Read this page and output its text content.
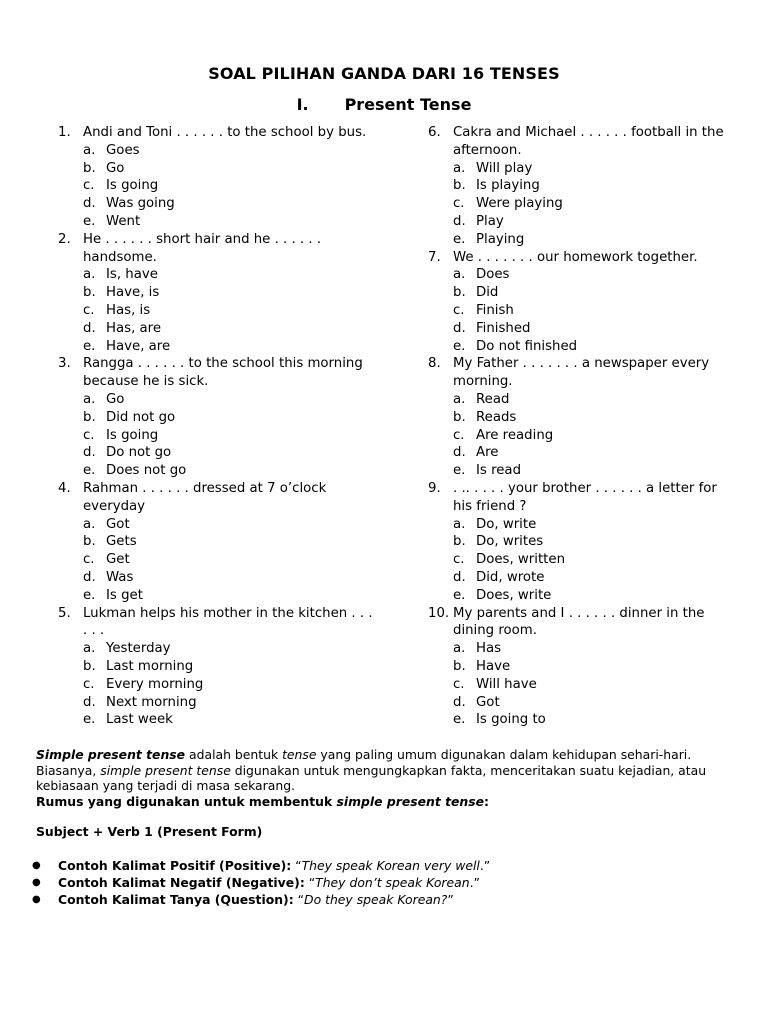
SOAL PILIHAN GANDA DARI 16 TENSES
I. Present Tense
1. Andi and Toni . . . . . . to the school by bus.
a. Goes
b. Go
c. Is going
d. Was going
e. Went
2. He . . . . . . short hair and he . . . . . . handsome.
a. Is, have
b. Have, is
c. Has, is
d. Has, are
e. Have, are
3. Rangga . . . . . . to the school this morning because he is sick.
a. Go
b. Did not go
c. Is going
d. Do not go
e. Does not go
4. Rahman . . . . . . dressed at 7 o’clock everyday
a. Got
b. Gets
c. Get
d. Was
e. Is get
5. Lukman helps his mother in the kitchen . . . . . .
a. Yesterday
b. Last morning
c. Every morning
d. Next morning
e. Last week
6. Cakra and Michael . . . . . . football in the afternoon.
a. Will play
b. Is playing
c. Were playing
d. Play
e. Playing
7. We . . . . . . . our homework together.
a. Does
b. Did
c. Finish
d. Finished
e. Do not finished
8. My Father . . . . . . . a newspaper every morning.
a. Read
b. Reads
c. Are reading
d. Are
e. Is read
9. . .. . . . . your brother . . . . . . a letter for his friend ?
a. Do, write
b. Do, writes
c. Does, written
d. Did, wrote
e. Does, write
10. My parents and I . . . . . . dinner in the dining room.
a. Has
b. Have
c. Will have
d. Got
e. Is going to

Simple present tense adalah bentuk tense yang paling umum digunakan dalam kehidupan sehari-hari. Biasanya, simple present tense digunakan untuk mengungkapkan fakta, menceritakan suatu kejadian, atau kebiasaan yang terjadi di masa sekarang.

Rumus yang digunakan untuk membentuk simple present tense:

Subject + Verb 1 (Present Form)
●	Contoh Kalimat Positif (Positive): “They speak Korean very well.”
●	Contoh Kalimat Negatif (Negative): “They don’t speak Korean.”
●	Contoh Kalimat Tanya (Question): “Do they speak Korean?”
